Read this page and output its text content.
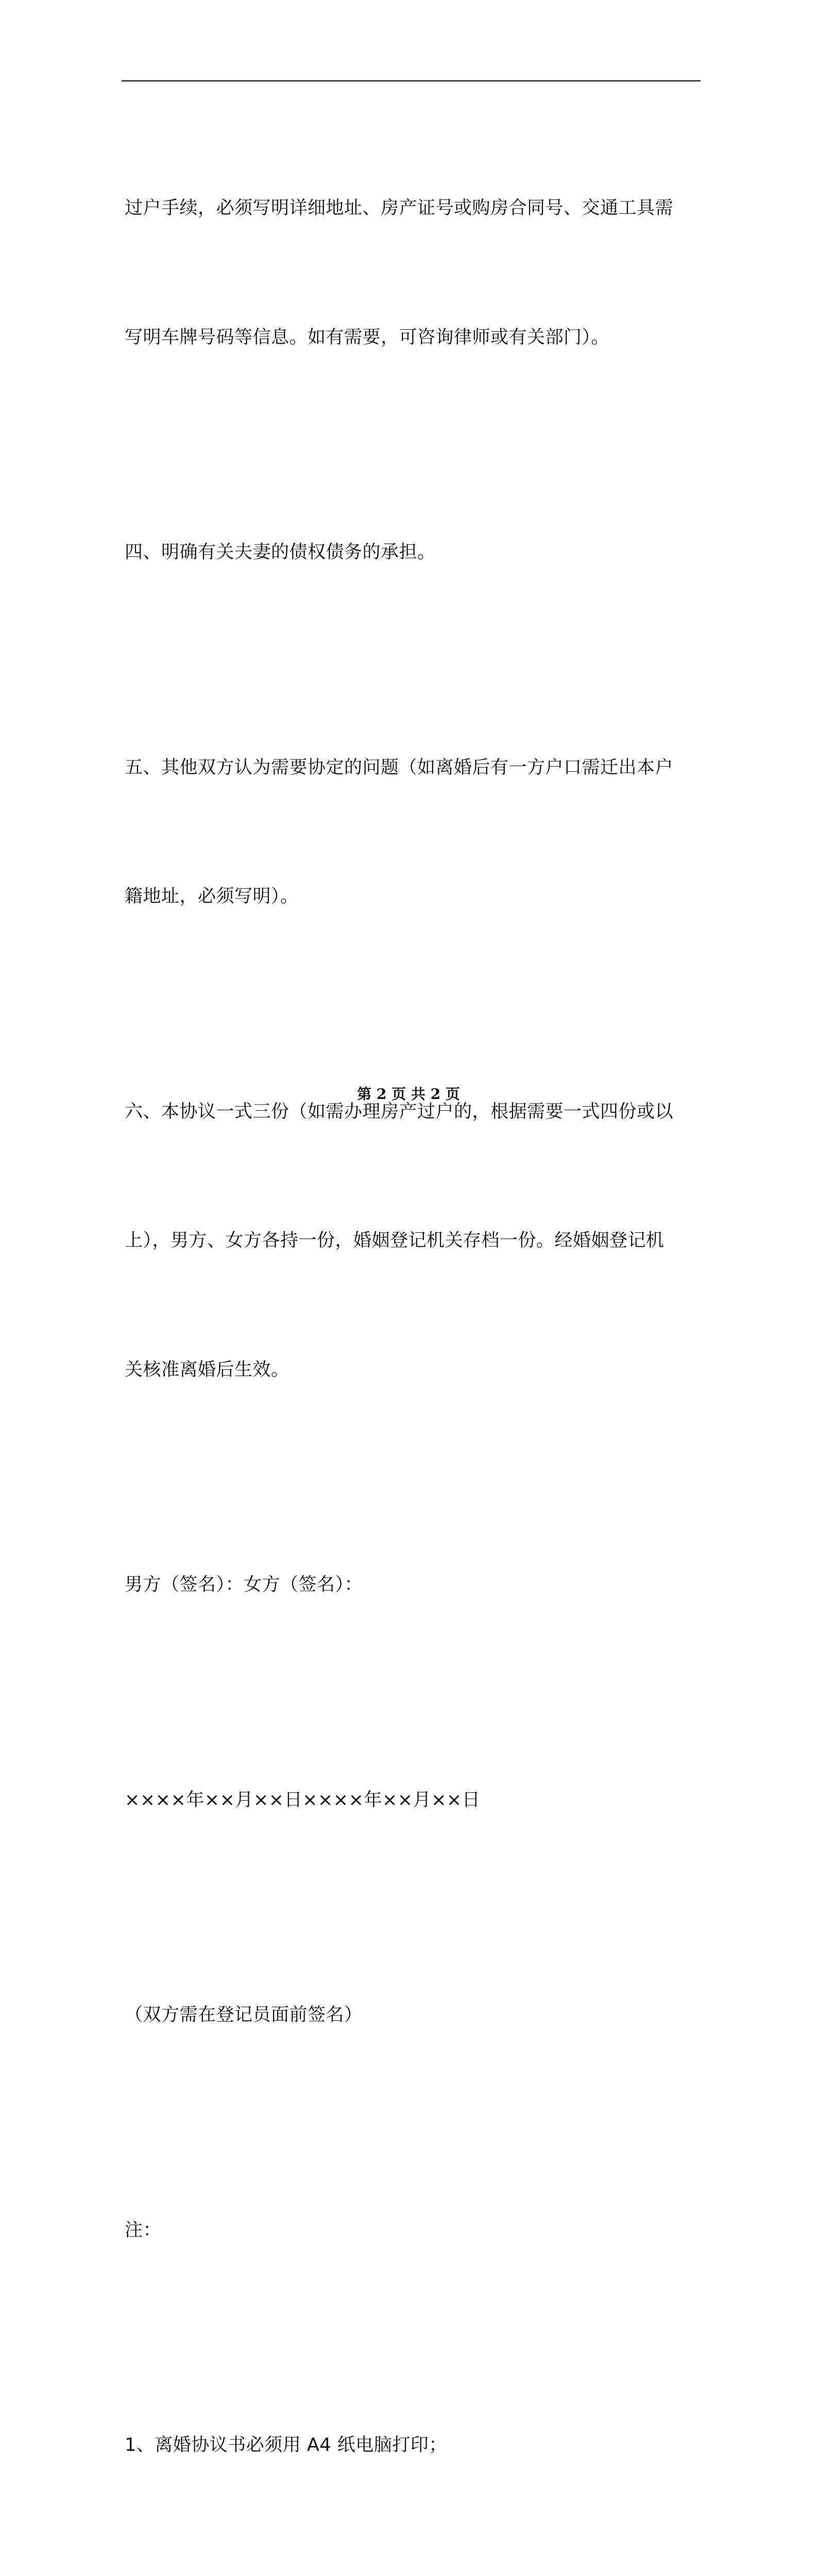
过户手续，必须写明详细地址、房产证号或购房合同号、交通工具需

写明车牌号码等信息。如有需要，可咨询律师或有关部门）。

四、明确有关夫妻的债权债务的承担。

五、其他双方认为需要协定的问题（如离婚后有一方户口需迁出本户

籍地址，必须写明）。

六、本协议一式三份（如需办理房产过户的，根据需要一式四份或以

上），男方、女方各持一份，婚姻登记机关存档一份。经婚姻登记机

关核准离婚后生效。

男方（签名）：女方（签名）：

××××年××月××日××××年××月××日

（双方需在登记员面前签名）

注：

1、离婚协议书必须用 A4 纸电脑打印；

第 2 页 共 2 页
